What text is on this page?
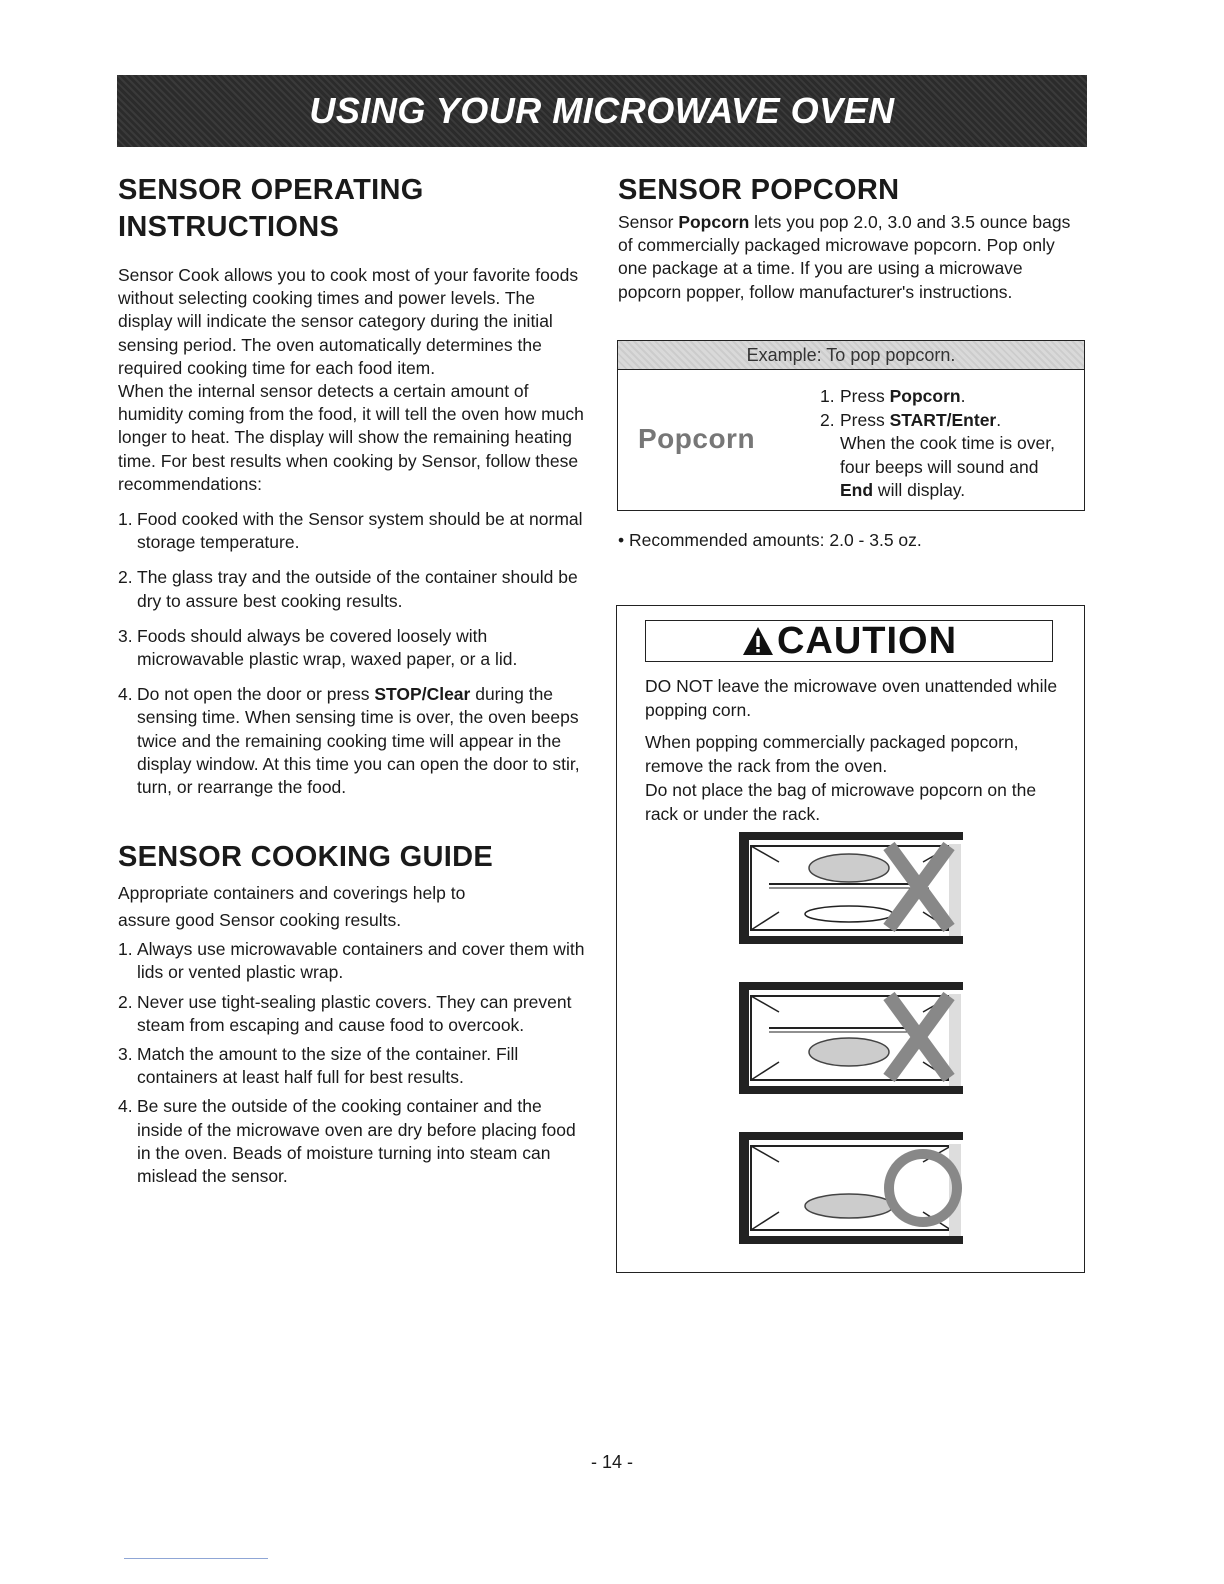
USING YOUR MICROWAVE OVEN
SENSOR OPERATING
INSTRUCTIONS

Sensor Cook allows you to cook most of your favorite foods without selecting cooking times and power levels. The display will indicate the sensor category during the initial sensing period. The oven automatically determines the required cooking time for each food item.

When the internal sensor detects a certain amount of humidity coming from the food, it will tell the oven how much longer to heat. The display will show the remaining heating time. For best results when cooking by Sensor, follow these recommendations:

1. Food cooked with the Sensor system should be at normal storage temperature.
2. The glass tray and the outside of the container should be dry to assure best cooking results.
3. Foods should always be covered loosely with microwavable plastic wrap, waxed paper, or a lid.
4. Do not open the door or press STOP/Clear during the sensing time. When sensing time is over, the oven beeps twice and the remaining cooking time will appear in the display window. At this time you can open the door to stir, turn, or rearrange the food.
SENSOR COOKING GUIDE
Appropriate containers and coverings help to
assure good Sensor cooking results.
1. Always use microwavable containers and cover them with lids or vented plastic wrap.
2. Never use tight-sealing plastic covers. They can prevent steam from escaping and cause food to overcook.
3. Match the amount to the size of the container. Fill containers at least half full for best results.
4. Be sure the outside of the cooking container and the inside of the microwave oven are dry before placing food in the oven. Beads of moisture turning into steam can mislead the sensor.
SENSOR POPCORN

Sensor Popcorn lets you pop 2.0, 3.0 and 3.5 ounce bags of commercially packaged microwave popcorn. Pop only one package at a time. If you are using a microwave popcorn popper, follow manufacturer's instructions.

Example: To pop popcorn.
Popcorn
1. Press Popcorn.
2. Press START/Enter.
When the cook time is over, four beeps will sound and
End will display.
• Recommended amounts: 2.0 - 3.5 oz.
CAUTION

DO NOT leave the microwave oven unattended while popping corn.

When popping commercially packaged popcorn, remove the rack from the oven.

Do not place the bag of microwave popcorn on the rack or under the rack.

- 14 -
